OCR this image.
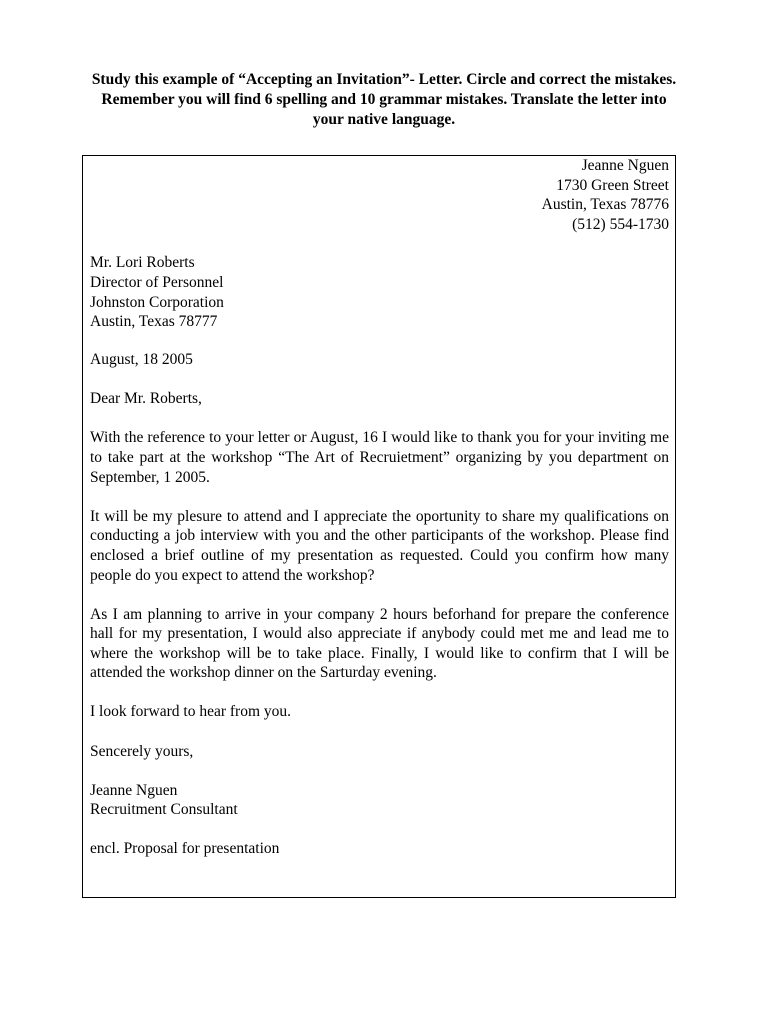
Study this example of “Accepting an Invitation”- Letter. Circle and correct the mistakes.
Remember you will find 6 spelling and 10 grammar mistakes. Translate the letter into
your native language.
Jeanne Nguen
1730 Green Street
Austin, Texas 78776
(512) 554-1730
Mr. Lori Roberts
Director of Personnel
Johnston Corporation
Austin, Texas 78777

August, 18 2005

Dear Mr. Roberts,

With the reference to your letter or August, 16 I would like to thank you for your inviting me to take part at the workshop “The Art of Recruietment” organizing by you department on September, 1 2005.

It will be my plesure to attend and I appreciate the oportunity to share my qualifications on conducting a job interview with you and the other participants of the workshop. Please find enclosed a brief outline of my presentation as requested. Could you confirm how many people do you expect to attend the workshop?

As I am planning to arrive in your company 2 hours beforhand for prepare the conference hall for my presentation, I would also appreciate if anybody could met me and lead me to where the workshop will be to take place. Finally, I would like to confirm that I will be attended the workshop dinner on the Sarturday evening.

I look forward to hear from you.

Sencerely yours,

Jeanne Nguen
Recruitment Consultant

encl. Proposal for presentation
